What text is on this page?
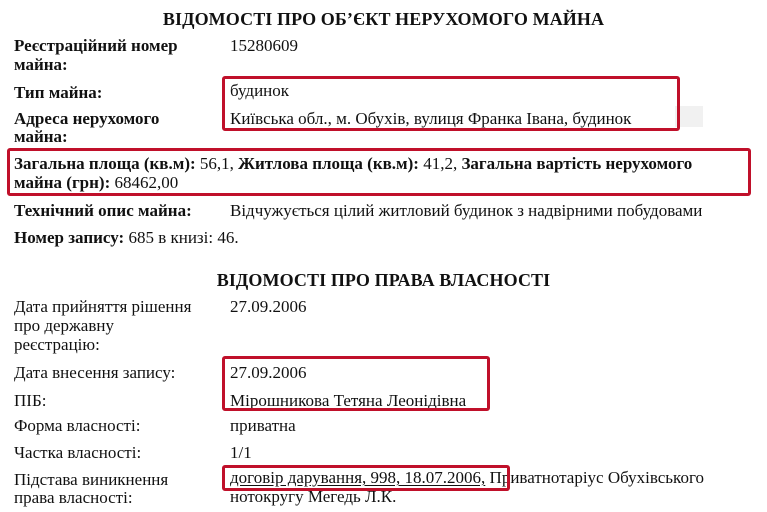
ВІДОМОСТІ ПРО ОБ’ЄКТ НЕРУХОМОГО МАЙНА
Реєстраційний номер
майна:
15280609
Тип майна:	будинок
Адреса нерухомого
майна:
Київська обл., м. Обухів, вулиця Франка Івана, будинок
Загальна площа (кв.м): 56,1, Житлова площа (кв.м): 41,2, Загальна вартість нерухомого
майна (грн): 68462,00
Технічний опис майна: Відчужується цілий житловий будинок з надвірними побудовами
Номер запису: 685 в книзі: 46.
ВІДОМОСТІ ПРО ПРАВА ВЛАСНОСТІ
Дата прийняття рішення
про державну
реєстрацію:
27.09.2006
Дата внесення запису:	27.09.2006
ПІБ:	Мірошникова Тетяна Леонідівна
Форма власності:	приватна
Частка власності:	1/1
Підстава виникнення
права власності:
договір дарування, 998, 18.07.2006, Приватнотаріус Обухівського
нотокругу Мегедь Л.К.
